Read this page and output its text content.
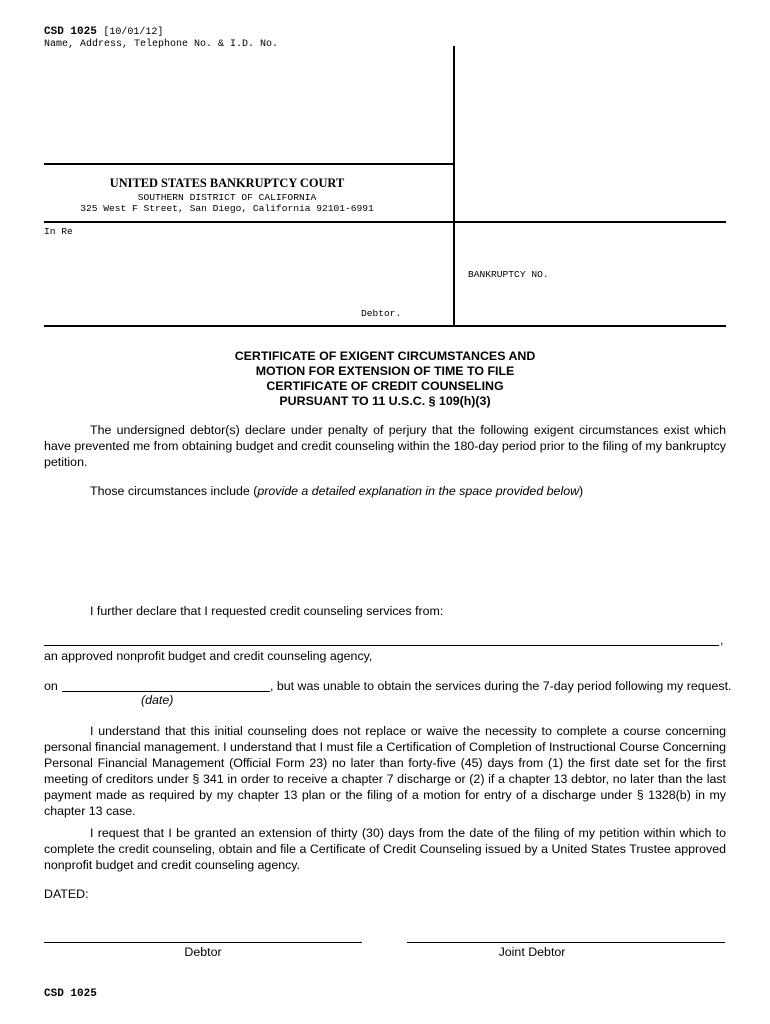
CSD 1025 [10/01/12]
Name, Address, Telephone No. & I.D. No.
UNITED STATES BANKRUPTCY COURT
SOUTHERN DISTRICT OF CALIFORNIA
325 West F Street, San Diego, California 92101-6991
In Re
BANKRUPTCY NO.
Debtor.
CERTIFICATE OF EXIGENT CIRCUMSTANCES AND
MOTION FOR EXTENSION OF TIME TO FILE
CERTIFICATE OF CREDIT COUNSELING
PURSUANT TO 11 U.S.C. § 109(h)(3)
The undersigned debtor(s) declare under penalty of perjury that the following exigent circumstances exist which have prevented me from obtaining budget and credit counseling within the 180-day period prior to the filing of my bankruptcy petition.
Those circumstances include (provide a detailed explanation in the space provided below)
I further declare that I requested credit counseling services from:
,
an approved nonprofit budget and credit counseling agency,
on	, but was unable to obtain the services during the 7-day period following my request.
(date)
I understand that this initial counseling does not replace or waive the necessity to complete a course concerning personal financial management. I understand that I must file a Certification of Completion of Instructional Course Concerning Personal Financial Management (Official Form 23) no later than forty-five (45) days from (1) the first date set for the first meeting of creditors under § 341 in order to receive a chapter 7 discharge or (2) if a chapter 13 debtor, no later than the last payment made as required by my chapter 13 plan or the filing of a motion for entry of a discharge under § 1328(b) in my chapter 13 case.
I request that I be granted an extension of thirty (30) days from the date of the filing of my petition within which to complete the credit counseling, obtain and file a Certificate of Credit Counseling issued by a United States Trustee approved nonprofit budget and credit counseling agency.
DATED:
Debtor	Joint Debtor
CSD 1025
